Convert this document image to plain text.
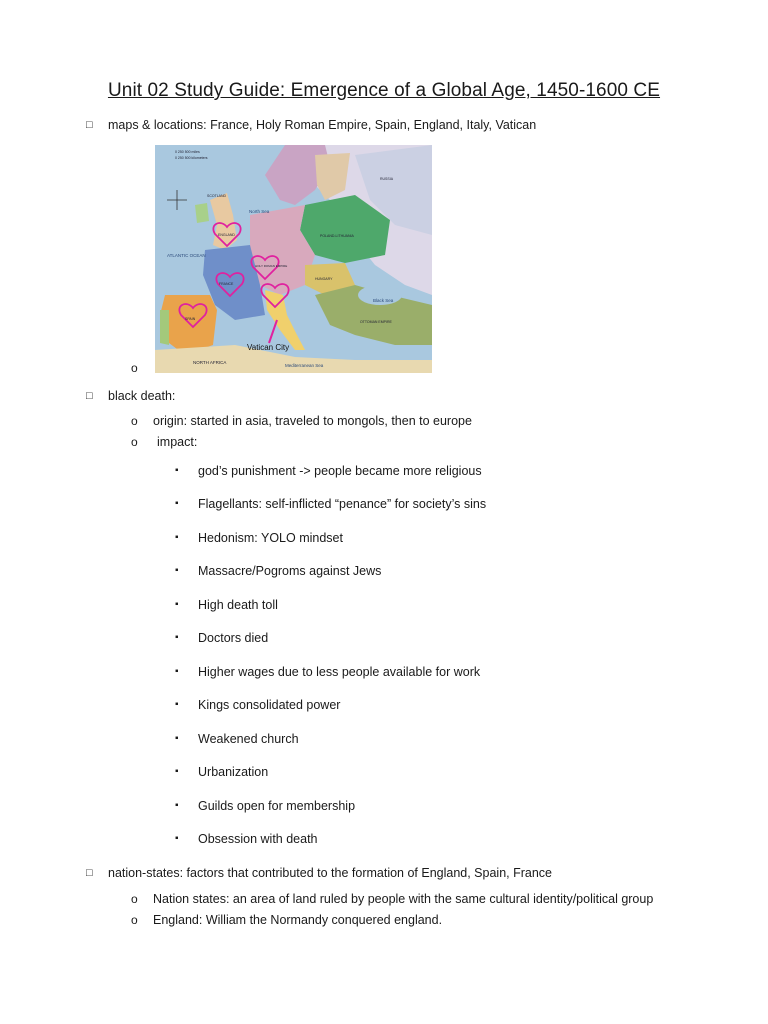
Unit 02 Study Guide: Emergence of a Global Age, 1450-1600 CE
□ maps & locations: France, Holy Roman Empire, Spain, England, Italy, Vatican
0 250 500 miles
0 250 500 kilometers
ATLANTIC OCEAN
North Sea
Black Sea
Mediterranean Sea
NORTH AFRICA
ENGLAND
FRANCE
HOLY ROMAN EMPIRE
SPAIN
POLAND-LITHUANIA
HUNGARY
OTTOMAN EMPIRE
RUSSIA
SCOTLAND
Vatican City
o
□ black death:
o origin: started in asia, traveled to mongols, then to europe
o impact:
▪ god’s punishment -> people became more religious
▪ Flagellants: self-inflicted “penance” for society’s sins
▪ Hedonism: YOLO mindset
▪ Massacre/Pogroms against Jews
▪ High death toll
▪ Doctors died
▪ Higher wages due to less people available for work
▪ Kings consolidated power
▪ Weakened church
▪ Urbanization
▪ Guilds open for membership
▪ Obsession with death
□ nation-states: factors that contributed to the formation of England, Spain, France
o Nation states: an area of land ruled by people with the same cultural identity/political group
o England: William the Normandy conquered england.
